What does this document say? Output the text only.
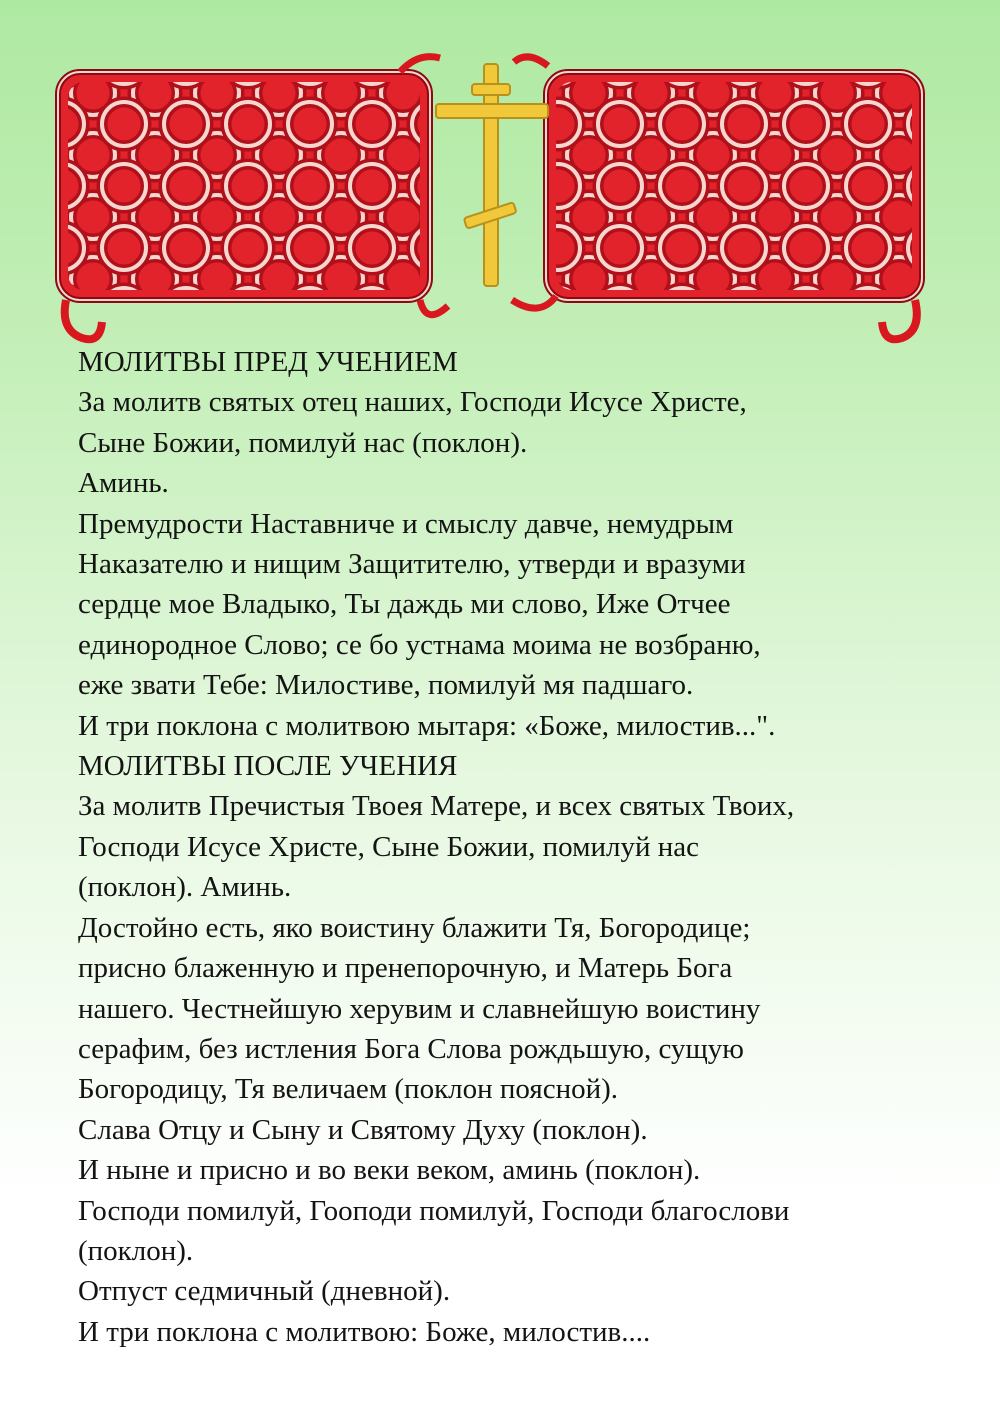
МОЛИТВЫ ПРЕД УЧЕНИЕМ
За молитв святых отец наших, Господи Исусе Христе,
Сыне Божии, помилуй нас (поклон).
Аминь.
Премудрости Наставниче и смыслу давче, немудрым
Наказателю и нищим Защитителю, утверди и вразуми
сердце мое Владыко, Ты даждь ми слово, Иже Отчее
единородное Слово; се бо устнама моима не возбраню,
еже звати Тебе: Милостиве, помилуй мя падшаго.
И три поклона с молитвою мытаря: «Боже, милостив...".
МОЛИТВЫ ПОСЛЕ УЧЕНИЯ
За молитв Пречистыя Твоея Матере, и всех святых Твоих,
Господи Исусе Христе, Сыне Божии, помилуй нас
(поклон). Аминь.
Достойно есть, яко воистину блажити Тя, Богородице;
присно блаженную и пренепорочную, и Матерь Бога
нашего. Честнейшую херувим и славнейшую воистину
серафим, без истления Бога Слова рождьшую, сущую
Богородицу, Тя величаем (поклон поясной).
Слава Отцу и Сыну и Святому Духу (поклон).
И ныне и присно и во веки веком, аминь (поклон).
Господи помилуй, Гооподи помилуй, Господи благослови
(поклон).
Отпуст седмичный (дневной).
И три поклона с молитвою: Боже, милостив....
